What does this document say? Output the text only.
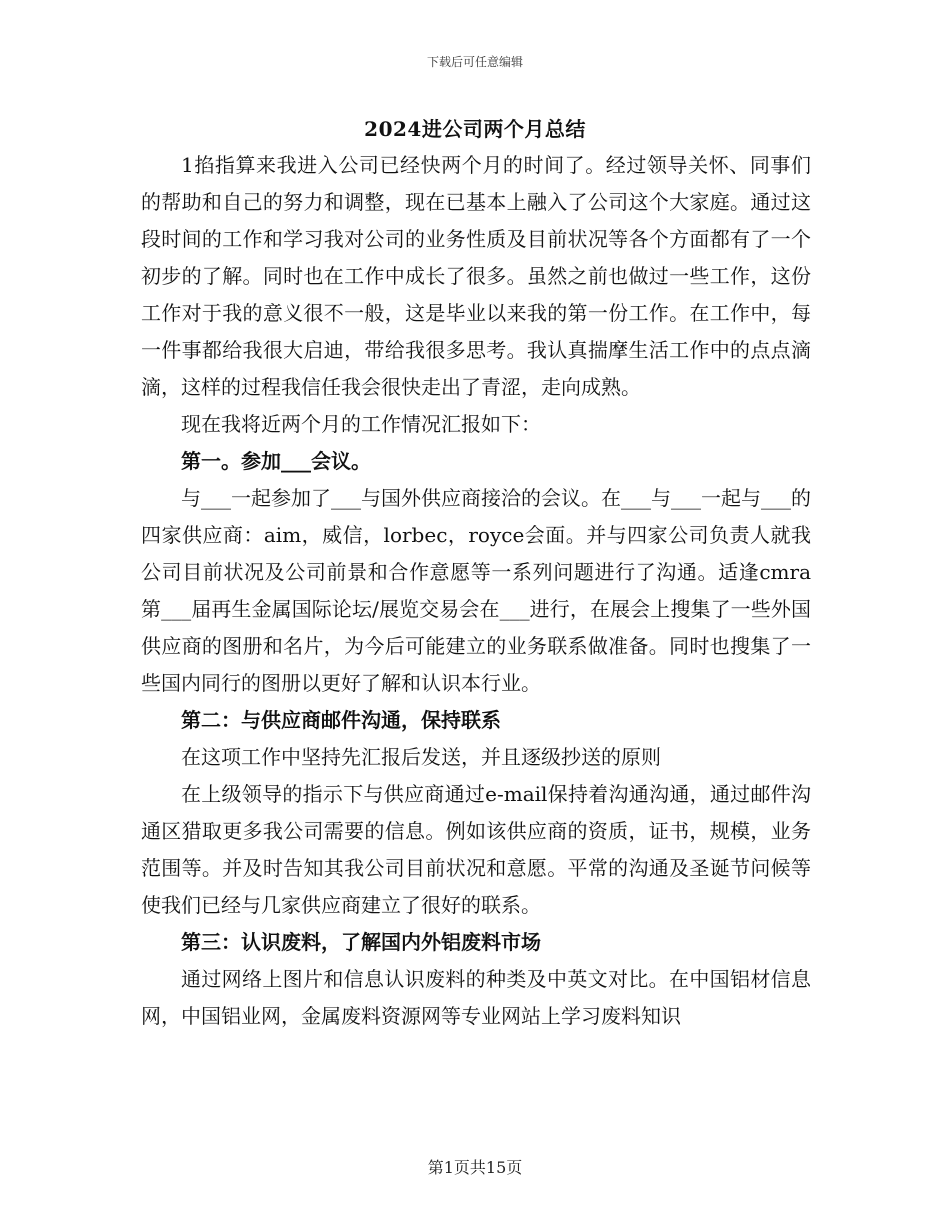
下载后可任意编辑
2024进公司两个月总结

1掐指算来我进入公司已经快两个月的时间了。经过领导关怀、同事们的帮助和自己的努力和调整，现在已基本上融入了公司这个大家庭。通过这段时间的工作和学习我对公司的业务性质及目前状况等各个方面都有了一个初步的了解。同时也在工作中成长了很多。虽然之前也做过一些工作，这份工作对于我的意义很不一般，这是毕业以来我的第一份工作。在工作中，每一件事都给我很大启迪，带给我很多思考。我认真揣摩生活工作中的点点滴滴，这样的过程我信任我会很快走出了青涩，走向成熟。

现在我将近两个月的工作情况汇报如下：

第一。参加___会议。

与___一起参加了___与国外供应商接洽的会议。在___与___一起与___的四家供应商：aim，威信，lorbec，royce会面。并与四家公司负责人就我公司目前状况及公司前景和合作意愿等一系列问题进行了沟通。适逢cmra第___届再生金属国际论坛/展览交易会在___进行，在展会上搜集了一些外国供应商的图册和名片，为今后可能建立的业务联系做准备。同时也搜集了一些国内同行的图册以更好了解和认识本行业。

第二：与供应商邮件沟通，保持联系

在这项工作中坚持先汇报后发送，并且逐级抄送的原则

在上级领导的指示下与供应商通过e-mail保持着沟通沟通，通过邮件沟通区猎取更多我公司需要的信息。例如该供应商的资质，证书，规模，业务范围等。并及时告知其我公司目前状况和意愿。平常的沟通及圣诞节问候等使我们已经与几家供应商建立了很好的联系。

第三：认识废料，了解国内外铝废料市场

通过网络上图片和信息认识废料的种类及中英文对比。在中国铝材信息网，中国铝业网，金属废料资源网等专业网站上学习废料知识

第1页共15页
